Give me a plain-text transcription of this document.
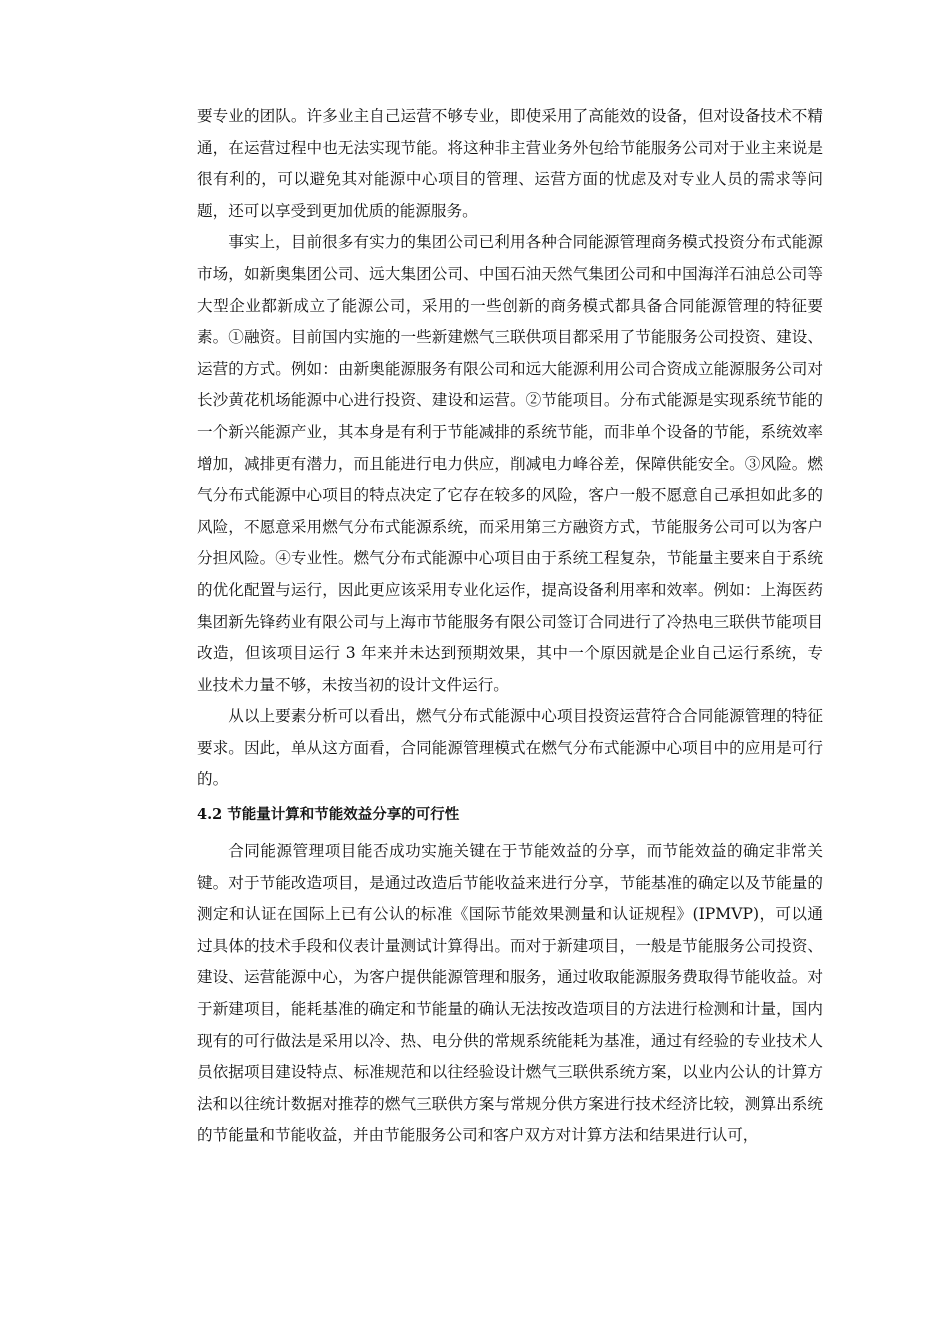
要专业的团队。许多业主自己运营不够专业，即使采用了高能效的设备，但对设备技术不精通，在运营过程中也无法实现节能。将这种非主营业务外包给节能服务公司对于业主来说是很有利的，可以避免其对能源中心项目的管理、运营方面的忧虑及对专业人员的需求等问题，还可以享受到更加优质的能源服务。

事实上，目前很多有实力的集团公司已利用各种合同能源管理商务模式投资分布式能源市场，如新奥集团公司、远大集团公司、中国石油天然气集团公司和中国海洋石油总公司等大型企业都新成立了能源公司，采用的一些创新的商务模式都具备合同能源管理的特征要素。①融资。目前国内实施的一些新建燃气三联供项目都采用了节能服务公司投资、建设、运营的方式。例如：由新奥能源服务有限公司和远大能源利用公司合资成立能源服务公司对长沙黄花机场能源中心进行投资、建设和运营。②节能项目。分布式能源是实现系统节能的一个新兴能源产业，其本身是有利于节能减排的系统节能，而非单个设备的节能，系统效率增加，减排更有潜力，而且能进行电力供应，削减电力峰谷差，保障供能安全。③风险。燃气分布式能源中心项目的特点决定了它存在较多的风险，客户一般不愿意自己承担如此多的风险，不愿意采用燃气分布式能源系统，而采用第三方融资方式，节能服务公司可以为客户分担风险。④专业性。燃气分布式能源中心项目由于系统工程复杂，节能量主要来自于系统的优化配置与运行，因此更应该采用专业化运作，提高设备利用率和效率。例如：上海医药集团新先锋药业有限公司与上海市节能服务有限公司签订合同进行了冷热电三联供节能项目改造，但该项目运行 3 年来并未达到预期效果，其中一个原因就是企业自己运行系统，专业技术力量不够，未按当初的设计文件运行。

从以上要素分析可以看出，燃气分布式能源中心项目投资运营符合合同能源管理的特征要求。因此，单从这方面看，合同能源管理模式在燃气分布式能源中心项目中的应用是可行的。

4.2 节能量计算和节能效益分享的可行性

合同能源管理项目能否成功实施关键在于节能效益的分享，而节能效益的确定非常关键。对于节能改造项目，是通过改造后节能收益来进行分享，节能基准的确定以及节能量的测定和认证在国际上已有公认的标准《国际节能效果测量和认证规程》(IPMVP)，可以通过具体的技术手段和仪表计量测试计算得出。而对于新建项目，一般是节能服务公司投资、建设、运营能源中心，为客户提供能源管理和服务，通过收取能源服务费取得节能收益。对于新建项目，能耗基准的确定和节能量的确认无法按改造项目的方法进行检测和计量，国内现有的可行做法是采用以冷、热、电分供的常规系统能耗为基准，通过有经验的专业技术人员依据项目建设特点、标准规范和以往经验设计燃气三联供系统方案，以业内公认的计算方法和以往统计数据对推荐的燃气三联供方案与常规分供方案进行技术经济比较，测算出系统的节能量和节能收益，并由节能服务公司和客户双方对计算方法和结果进行认可，
